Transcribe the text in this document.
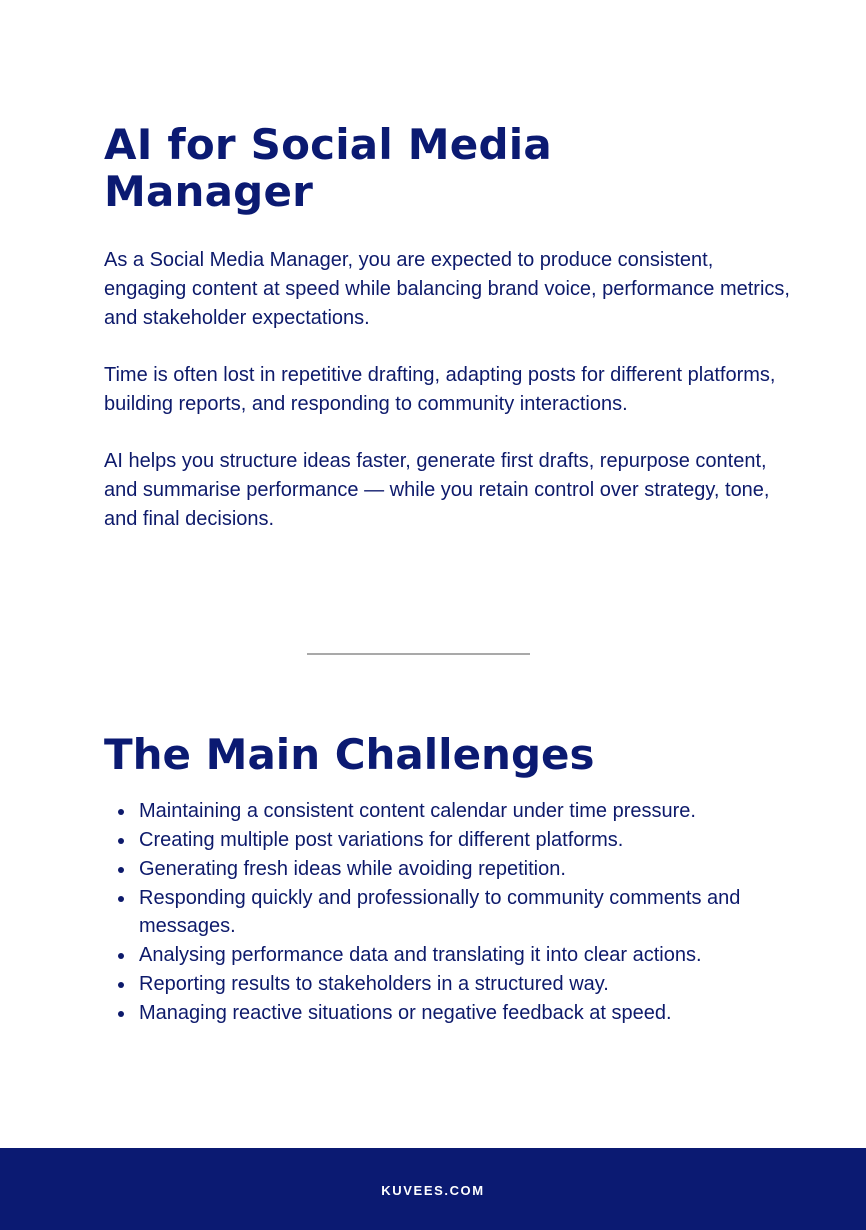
AI for Social Media Manager

As a Social Media Manager, you are expected to produce consistent, engaging content at speed while balancing brand voice, performance metrics, and stakeholder expectations.

Time is often lost in repetitive drafting, adapting posts for different platforms, building reports, and responding to community interactions.

AI helps you structure ideas faster, generate first drafts, repurpose content, and summarise performance — while you retain control over strategy, tone, and final decisions.

The Main Challenges
Maintaining a consistent content calendar under time pressure.
Creating multiple post variations for different platforms.
Generating fresh ideas while avoiding repetition.
Responding quickly and professionally to community comments and messages.
Analysing performance data and translating it into clear actions.
Reporting results to stakeholders in a structured way.
Managing reactive situations or negative feedback at speed.
KUVEES.COM
